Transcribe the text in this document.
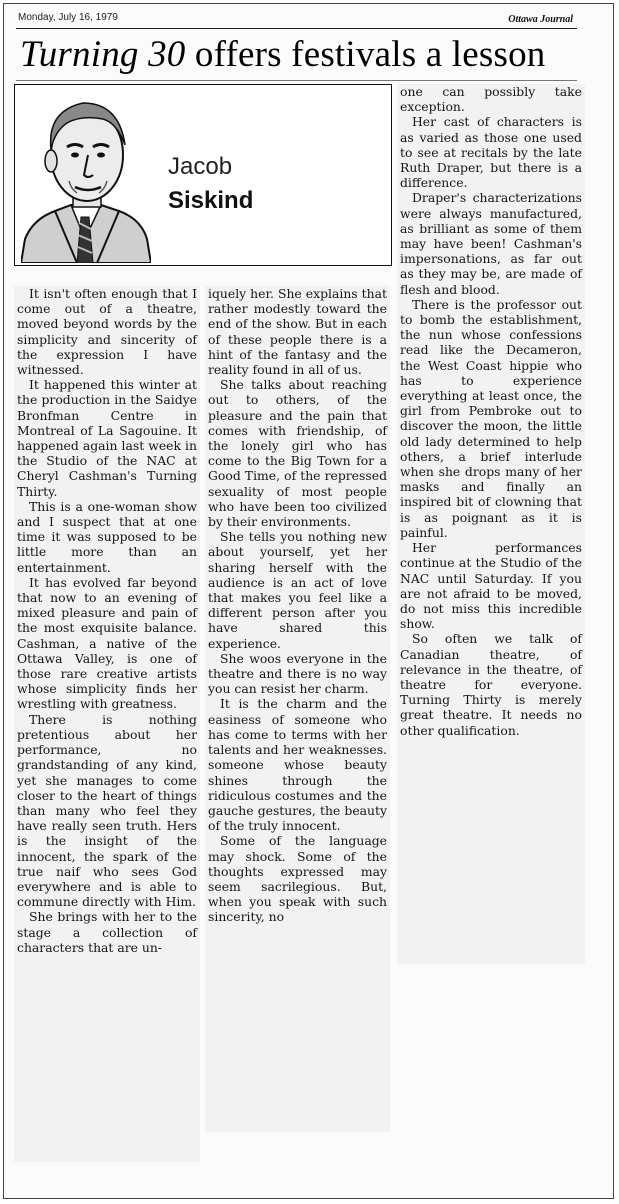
Monday, July 16, 1979	Ottawa Journal
Turning 30 offers festivals a lesson
Jacob
Siskind

It isn't often enough that I come out of a theatre, moved beyond words by the simplicity and sincerity of the expression I have witnessed.

It happened this winter at the production in the Saidye Bronfman Centre in Montreal of La Sagouine. It happened again last week in the Studio of the NAC at Cheryl Cashman's Turning Thirty.

This is a one-woman show and I suspect that at one time it was supposed to be little more than an entertainment.

It has evolved far beyond that now to an evening of mixed pleasure and pain of the most exquisite balance. Cashman, a native of the Ottawa Valley, is one of those rare creative artists whose simplicity finds her wrestling with greatness.

There is nothing pretentious about her performance, no grandstanding of any kind, yet she manages to come closer to the heart of things than many who feel they have really seen truth. Hers is the insight of the innocent, the spark of the true naif who sees God everywhere and is able to commune directly with Him.

She brings with her to the stage a collection of characters that are un-

iquely her. She explains that rather modestly toward the end of the show. But in each of these people there is a hint of the fantasy and the reality found in all of us.

She talks about reaching out to others, of the pleasure and the pain that comes with friendship, of the lonely girl who has come to the Big Town for a Good Time, of the repressed sexuality of most people who have been too civilized by their environments.

She tells you nothing new about yourself, yet her sharing herself with the audience is an act of love that makes you feel like a different person after you have shared this experience.

She woos everyone in the theatre and there is no way you can resist her charm.

It is the charm and the easiness of someone who has come to terms with her talents and her weaknesses. someone whose beauty shines through the ridiculous costumes and the gauche gestures, the beauty of the truly innocent.

Some of the language may shock. Some of the thoughts expressed may seem sacrilegious. But, when you speak with such sincerity, no

one can possibly take exception.

Her cast of characters is as varied as those one used to see at recitals by the late Ruth Draper, but there is a difference.

Draper's characterizations were always manufactured, as brilliant as some of them may have been! Cashman's impersonations, as far out as they may be, are made of flesh and blood.

There is the professor out to bomb the establishment, the nun whose confessions read like the Decameron, the West Coast hippie who has to experience everything at least once, the girl from Pembroke out to discover the moon, the little old lady determined to help others, a brief interlude when she drops many of her masks and finally an inspired bit of clowning that is as poignant as it is painful.

Her performances continue at the Studio of the NAC until Saturday. If you are not afraid to be moved, do not miss this incredible show.

So often we talk of Canadian theatre, of relevance in the theatre, of theatre for everyone. Turning Thirty is merely great theatre. It needs no other qualification.
